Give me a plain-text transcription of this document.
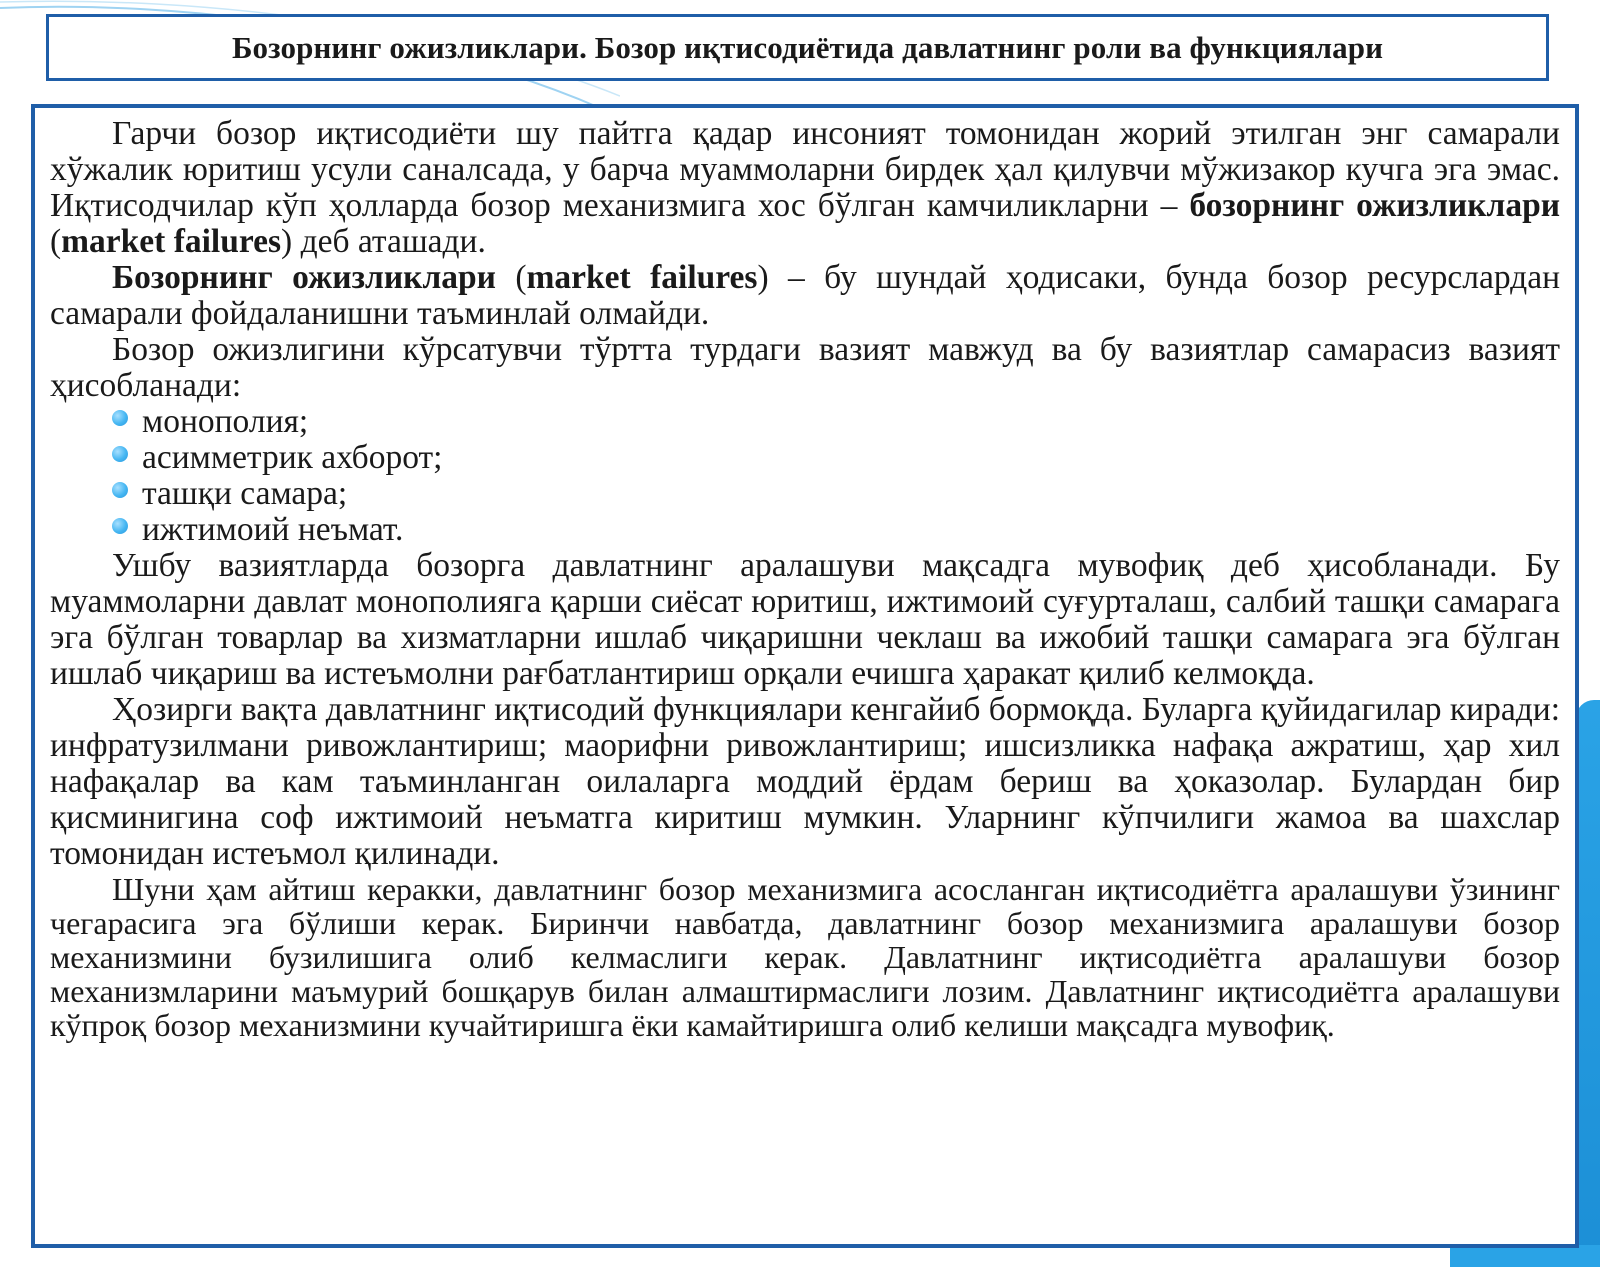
Бозорнинг ожизликлари. Бозор иқтисодиётида давлатнинг роли ва функциялари

Гарчи бозор иқтисодиёти шу пайтга қадар инсоният томонидан жорий этилган энг самарали хўжалик юритиш усули саналсада, у барча муаммоларни бирдек ҳал қилувчи мўжизакор кучга эга эмас. Иқтисодчилар кўп ҳолларда бозор механизмига хос бўлган камчиликларни – бозорнинг ожизликлари (market failures) деб аташади.

Бозорнинг ожизликлари (market failures) – бу шундай ҳодисаки, бунда бозор ресурслардан самарали фойдаланишни таъминлай олмайди.

Бозор ожизлигини кўрсатувчи тўртта турдаги вазият мавжуд ва бу вазиятлар самарасиз вазият ҳисобланади:

монополия;
асимметрик ахборот;
ташқи самара;
ижтимоий неъмат.

Ушбу вазиятларда бозорга давлатнинг аралашуви мақсадга мувофиқ деб ҳисобланади. Бу муаммоларни давлат монополияга қарши сиёсат юритиш, ижтимоий суғурталаш, салбий ташқи самарага эга бўлган товарлар ва хизматларни ишлаб чиқаришни чеклаш ва ижобий ташқи самарага эга бўлган ишлаб чиқариш ва истеъмолни рағбатлантириш орқали ечишга ҳаракат қилиб келмоқда.

Ҳозирги вақта давлатнинг иқтисодий функциялари кенгайиб бормоқда. Буларга қуйидагилар киради: инфратузилмани ривожлантириш; маорифни ривожлантириш; ишсизликка нафақа ажратиш, ҳар хил нафақалар ва кам таъминланган оилаларга моддий ёрдам бериш ва ҳоказолар. Булардан бир қисминигина соф ижтимоий неъматга киритиш мумкин. Уларнинг кўпчилиги жамоа ва шахслар томонидан истеъмол қилинади.

Шуни ҳам айтиш керакки, давлатнинг бозор механизмига асосланган иқтисодиётга аралашуви ўзининг чегарасига эга бўлиши керак. Биринчи навбатда, давлатнинг бозор механизмига аралашуви бозор механизмини бузилишига олиб келмаслиги керак. Давлатнинг иқтисодиётга аралашуви бозор механизмларини маъмурий бошқарув билан алмаштирмаслиги лозим. Давлатнинг иқтисодиётга аралашуви кўпроқ бозор механизмини кучайтиришга ёки камайтиришга олиб келиши мақсадга мувофиқ.
